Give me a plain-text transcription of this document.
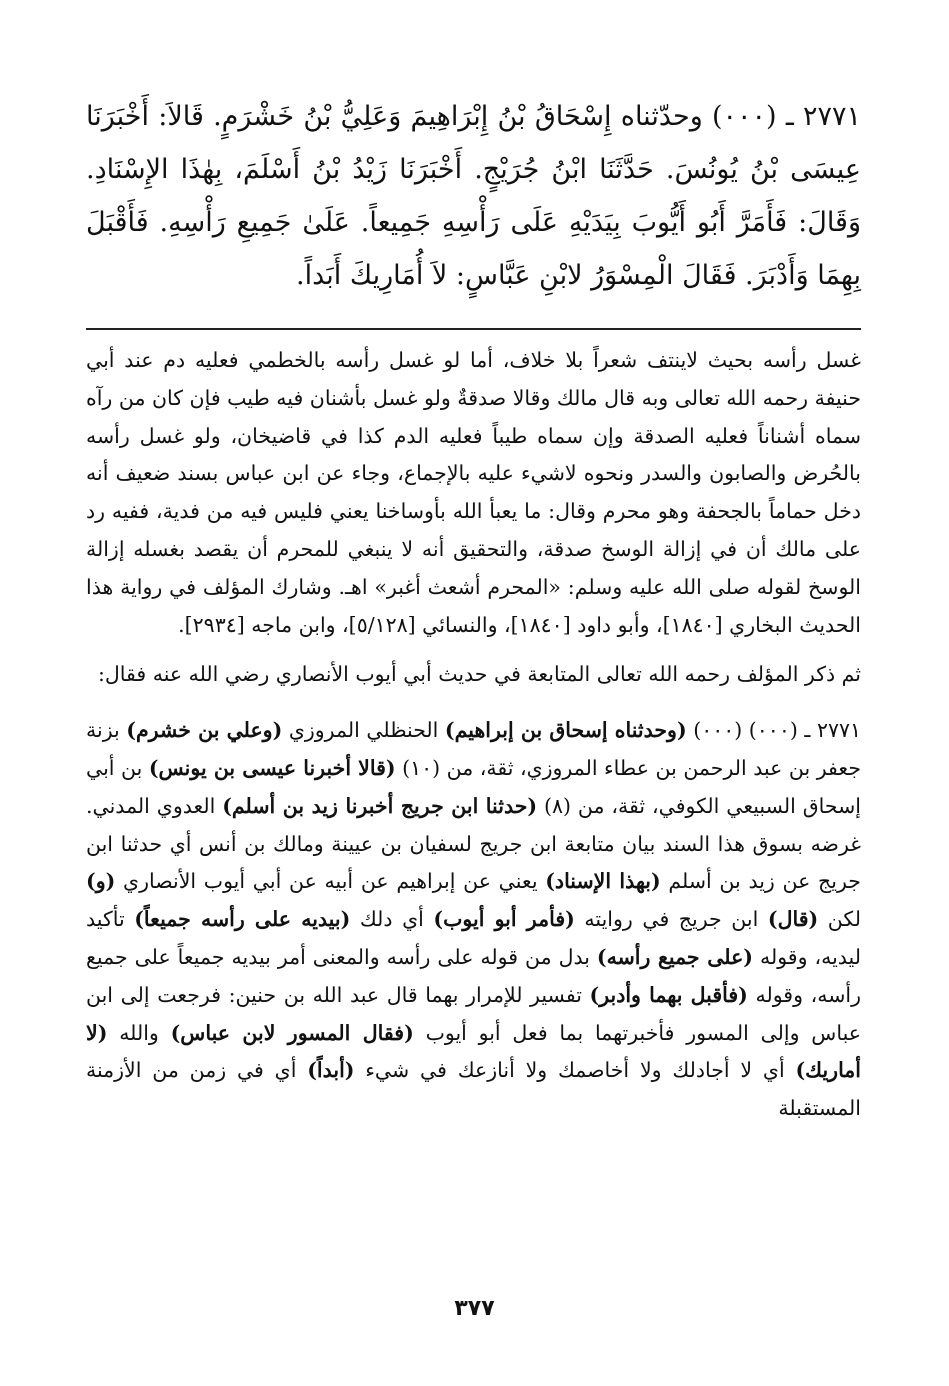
٢٧٧١ ـ (٠٠٠) وحدّثناه إِسْحَاقُ بْنُ إِبْرَاهِيمَ وَعَلِيُّ بْنُ خَشْرَمٍ. قَالاَ: أَخْبَرَنَا عِيسَى بْنُ يُونُسَ. حَدَّثَنَا ابْنُ جُرَيْجٍ. أَخْبَرَنَا زَيْدُ بْنُ أَسْلَمَ، بِهٰذَا الإِسْنَادِ. وَقَالَ: فَأَمَرَّ أَبُو أَيُّوبَ بِيَدَيْهِ عَلَى رَأْسِهِ جَمِيعاً. عَلَىٰ جَمِيعِ رَأْسِهِ. فَأَقْبَلَ بِهِمَا وَأَدْبَرَ. فَقَالَ الْمِسْوَرُ لابْنِ عَبَّاسٍ: لاَ أُمَارِيكَ أَبَداً.

غسل رأسه بحيث لاينتف شعراً بلا خلاف، أما لو غسل رأسه بالخطمي فعليه دم عند أبي حنيفة رحمه الله تعالى وبه قال مالك وقالا صدقةٌ ولو غسل بأشنان فيه طيب فإن كان من رآه سماه أشناناً فعليه الصدقة وإن سماه طيباً فعليه الدم كذا في قاضيخان، ولو غسل رأسه بالحُرض والصابون والسدر ونحوه لاشيء عليه بالإجماع، وجاء عن ابن عباس بسند ضعيف أنه دخل حماماً بالجحفة وهو محرم وقال: ما يعبأ الله بأوساخنا يعني فليس فيه من فدية، ففيه رد على مالك أن في إزالة الوسخ صدقة، والتحقيق أنه لا ينبغي للمحرم أن يقصد بغسله إزالة الوسخ لقوله صلى الله عليه وسلم: «المحرم أشعث أغبر» اهـ. وشارك المؤلف في رواية هذا الحديث البخاري [١٨٤٠]، وأبو داود [١٨٤٠]، والنسائي [٥/١٢٨]، وابن ماجه [٢٩٣٤].

ثم ذكر المؤلف رحمه الله تعالى المتابعة في حديث أبي أيوب الأنصاري رضي الله عنه فقال:

٢٧٧١ ـ (٠٠٠) (٠٠٠) (وحدثناه إسحاق بن إبراهيم) الحنظلي المروزي (وعلي بن خشرم) بزنة جعفر بن عبد الرحمن بن عطاء المروزي، ثقة، من (١٠) (قالا أخبرنا عيسى بن يونس) بن أبي إسحاق السبيعي الكوفي، ثقة، من (٨) (حدثنا ابن جريج أخبرنا زيد بن أسلم) العدوي المدني. غرضه بسوق هذا السند بيان متابعة ابن جريج لسفيان بن عيينة ومالك بن أنس أي حدثنا ابن جريج عن زيد بن أسلم (بهذا الإسناد) يعني عن إبراهيم عن أبيه عن أبي أيوب الأنصاري (و) لكن (قال) ابن جريج في روايته (فأمر أبو أيوب) أي دلك (بيديه على رأسه جميعاً) تأكيد ليديه، وقوله (على جميع رأسه) بدل من قوله على رأسه والمعنى أمر بيديه جميعاً على جميع رأسه، وقوله (فأقبل بهما وأدبر) تفسير للإمرار بهما قال عبد الله بن حنين: فرجعت إلى ابن عباس وإلى المسور فأخبرتهما بما فعل أبو أيوب (فقال المسور لابن عباس) والله (لا أماريك) أي لا أجادلك ولا أخاصمك ولا أنازعك في شيء (أبداً) أي في زمن من الأزمنة المستقبلة

٣٧٧
